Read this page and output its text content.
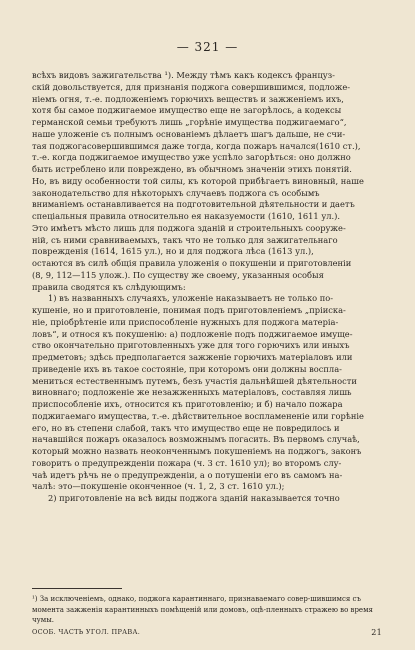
— 321 —
всѣхъ видовъ зажигательства ¹). Между тѣмъ какъ кодексъ француз-
скій довольствуется, для признанія поджога совершившимся, подложе-
ніемъ огня, т.-е. подложеніемъ горючихъ веществъ и зажженіемъ ихъ,
хотя бы самое поджигаемое имущество еще не загорѣлось, а кодексы
германской семьи требуютъ лишь „горѣніе имущества поджигаемаго“,
наше уложеніе съ полнымъ основаніемъ дѣлаетъ шагъ дальше, не счи-
тая поджогасовершившимся даже тогда, когда пожаръ начался(1610 ст.),
т.-е. когда поджигаемое имущество уже успѣло загорѣться: оно должно
быть истреблено или повреждено, въ обычномъ значеніи этихъ понятій.
Но, въ виду особенности той силы, къ которой прибѣгаетъ виновный, наше
законодательство для нѣкоторыхъ случаевъ поджога съ особымъ
вниманіемъ останавливается на подготовительной дѣятельности и даетъ
спеціальныя правила относительно ея наказуемости (1610, 1611 ул.).
Это имѣетъ мѣсто лишь для поджога зданій и строительныхъ сооруже-
ній, съ ними сравниваемыхъ, такъ что не только для зажигательнаго
поврежденія (1614, 1615 ул.), но и для поджога лѣса (1613 ул.),
остаются въ силѣ общія правила уложенія о покушеніи и приготовленіи
(8, 9, 112—115 улож.). По существу же своему, указанныя особыя
правила сводятся къ слѣдующимъ:
1) въ названныхъ случаяхъ, уложеніе наказываетъ не только по-
кушеніе, но и приготовленіе, понимая подъ приготовленіемъ „пріиска-
ніе, пріобрѣтеніе или приспособленіе нужныхъ для поджога матеріа-
ловъ“, и относя къ покушенію: а) подложеніе подъ поджигаемое имуще-
ство окончательно приготовленныхъ уже для того горючихъ или иныхъ
предметовъ; здѣсь предполагается зажженіе горючихъ матеріаловъ или
приведеніе ихъ въ такое состояніе, при которомъ они должны воспла-
мениться естественнымъ путемъ, безъ участія дальнѣйшей дѣятельности
виновнаго; подложеніе же незажженныхъ матеріаловъ, составляя лишь
приспособленіе ихъ, относится къ приготовленію; и б) начало пожара
поджигаемаго имущества, т.-е. дѣйствительное воспламененіе или горѣніе
его, но въ степени слабой, такъ что имущество еще не повредилось и
начавшійся пожаръ оказалось возможнымъ погасить. Въ первомъ случаѣ,
который можно назвать неоконченнымъ покушеніемъ на поджогъ, законъ
говоритъ о предупрежденіи пожара (ч. 3 ст. 1610 ул); во второмъ слу-
чаѣ идетъ рѣчь не о предупрежденіи, а о потушеніи его въ самомъ на-
чалѣ: это—покушеніе оконченное (ч. 1, 2, 3 ст. 1610 ул.);
2) приготовленіе на всѣ виды поджога зданій наказывается точно
¹) За исключеніемъ, однако, поджога карантиннаго, признаваемаго совер-шившимся съ момента зажженія карантинныхъ помѣщеній или домовъ, оцѣ-пленныхъ стражею во время чумы.
ОСОБ. ЧАСТЬ УГОЛ. ПРАВА.	21
